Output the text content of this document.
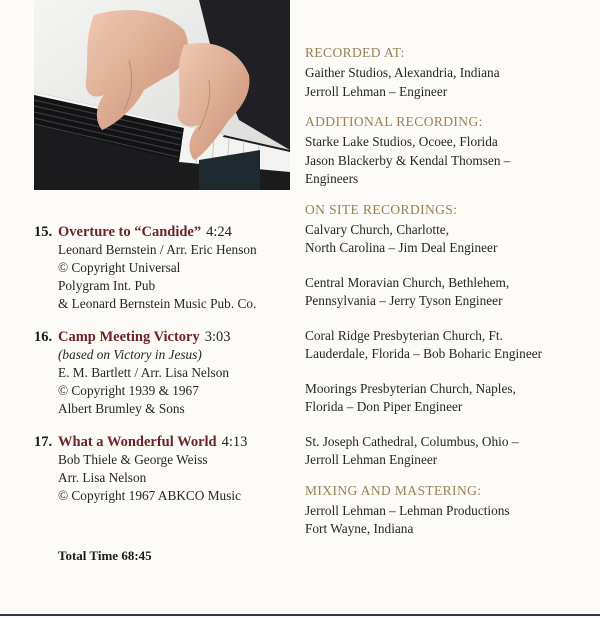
15. Overture to “Candide” 4:24
Leonard Bernstein / Arr. Eric Henson
© Copyright Universal
Polygram Int. Pub
& Leonard Bernstein Music Pub. Co.
16. Camp Meeting Victory 3:03
(based on Victory in Jesus)
E. M. Bartlett / Arr. Lisa Nelson
© Copyright 1939 & 1967
Albert Brumley & Sons
17. What a Wonderful World 4:13
Bob Thiele & George Weiss
Arr. Lisa Nelson
© Copyright 1967 ABKCO Music
Total Time 68:45
RECORDED AT:
Gaither Studios, Alexandria, Indiana
Jerroll Lehman – Engineer
ADDITIONAL RECORDING:
Starke Lake Studios, Ocoee, Florida
Jason Blackerby & Kendal Thomsen –
Engineers
ON SITE RECORDINGS:
Calvary Church, Charlotte,
North Carolina – Jim Deal Engineer
Central Moravian Church, Bethlehem,
Pennsylvania – Jerry Tyson Engineer
Coral Ridge Presbyterian Church, Ft.
Lauderdale, Florida – Bob Boharic Engineer
Moorings Presbyterian Church, Naples,
Florida – Don Piper Engineer
St. Joseph Cathedral, Columbus, Ohio –
Jerroll Lehman Engineer
MIXING AND MASTERING:
Jerroll Lehman – Lehman Productions
Fort Wayne, Indiana
